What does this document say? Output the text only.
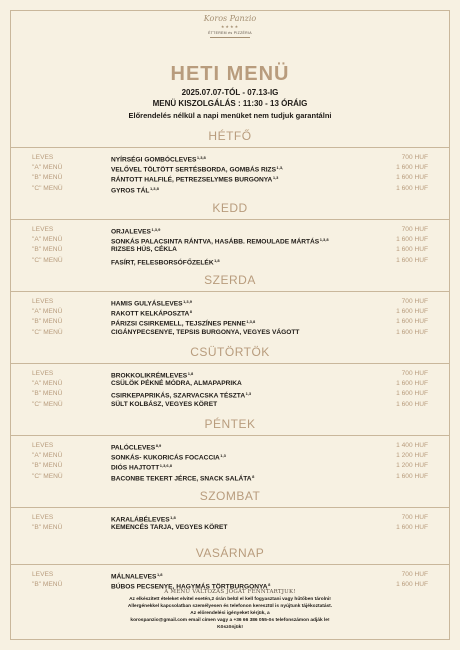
Koros Panzio
★★★★
ÉTTEREM és PIZZÉRIA
HETI MENÜ
2025.07.07-TÓL - 07.13-IG
MENÜ KISZOLGÁLÁS : 11:30 - 13 ÓRÁIG
Előrendelés nélkül a napi menüket nem tudjuk garantálni
HÉTFŐ
LEVES	NYÍRSÉGI GOMBÓCLEVES$^{1,3,8}$	700 HUF
"A" MENÜ	VELŐVEL TÖLTÖTT SERTÉSBORDA, GOMBÁS $RIZS^{1,3,}$	1 600 HUF
"B" MENÜ	RÁNTOTT HALFILÉ, PETREZSELYMES BURGONYA$^{1,3}$	1 600 HUF
"C" MENÜ	GYROS TÁL$^{1,3,8}$	1 600 HUF
KEDD
LEVES	ORJALEVES$^{1,3,9}$	700 HUF
"A" MENÜ	SONKÁS PALACSINTA RÁNTVA, HASÁBB. REMOULADE MÁRTÁS$^{1,3,8}$	1 600 HUF
"B" MENÜ	RIZSES HÚS, CÉKLA	1 600 HUF
"C" MENÜ	FASÍRT, FELESBORSÓFŐZELÉK$^{1,8}$	1 600 HUF
SZERDA
LEVES	HAMIS GULYÁSLEVES$^{1,3,9}$	700 HUF
"A" MENÜ	RAKOTT KELKÁPOSZTA$^8$	1 600 HUF
"B" MENÜ	PÁRIZSI CSIRKEMELL, TEJSZÍNES PENNE$^{1,3,8}$	1 600 HUF
"C" MENÜ	CIGÁNYPECSENYE, TEPSIS BURGONYA, VEGYES VÁGOTT	1 600 HUF
CSÜTÖRTÖK
LEVES	BROKKOLIKRÉMLEVES$^{1,8}$	700 HUF
"A" MENÜ	CSÜLÖK PÉKNÉ MÓDRA, ALMAPAPRIKA	1 600 HUF
"B" MENÜ	CSIRKEPAPRIKÁS, SZARVACSKA TÉSZTA$^{1,3}$	1 600 HUF
"C" MENÜ	SÜLT KOLBÁSZ, VEGYES KÖRET	1 600 HUF
PÉNTEK
LEVES	PALÓCLEVES$^{8,9}$	1 400 HUF
"A" MENÜ	SONKÁS- KUKORICÁS FOCACCIA$^{1,3}$	1 200 HUF
"B" MENÜ	DIÓS HAJTOTT$^{1,3,6,8}$	1 200 HUF
"C" MENÜ	BACONBE TEKERT JÉRCE, SNACK SALÁTA$^8$	1 600 HUF
SZOMBAT
LEVES	KARALÁBÉLEVES$^{1,8}$	700 HUF
"B" MENÜ	KEMENCÉS TARJA, VEGYES KÖRET	1 600 HUF
VASÁRNAP
LEVES	MÁLNALEVES$^{1,8}$	700 HUF
"B" MENÜ	BÚBOS PECSENYE, HAGYMÁS TÖRTBURGONYA$^8$	1 600 HUF
A MENÜ VÁLTOZÁS JOGÁT FENNTARTJUK!
Az elkészített ételeket elvitel esetén,2 órán belül el kell fogyasztani vagy hűtőben tárolni!
Allergénekkel kapcsolatban személyesen és telefonon keresztül is nyújtunk tájékoztatást.
Az előrendelési igényeket kérjük, a
korospanzio@gmail.com email címen vagy a +36 66 386 055-ös telefonszámon adják le!
Köszönjük!
